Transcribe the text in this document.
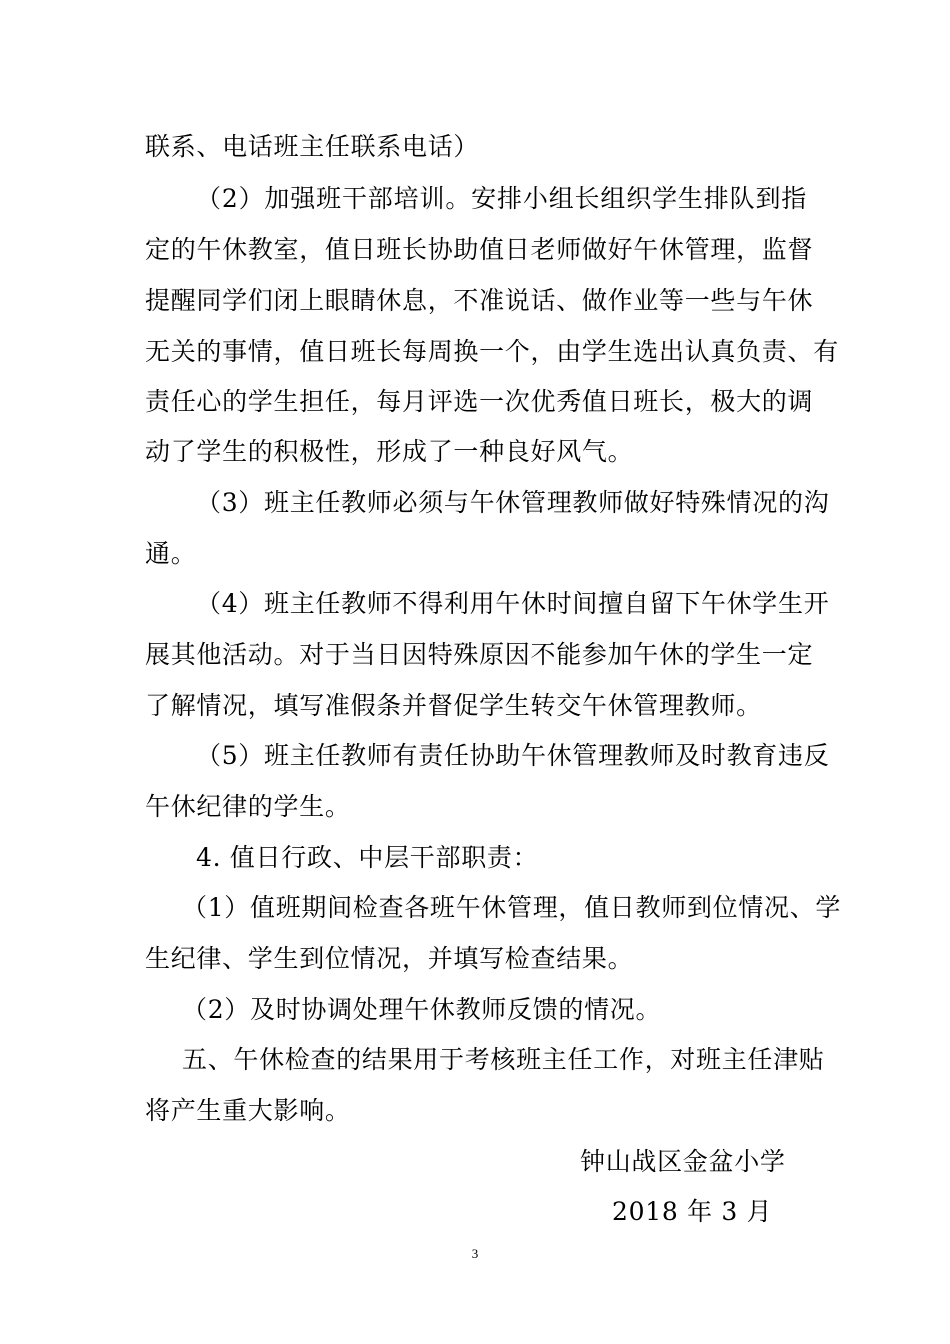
联系、电话班主任联系电话）
（2）加强班干部培训。安排小组长组织学生排队到指
定的午休教室，值日班长协助值日老师做好午休管理，监督
提醒同学们闭上眼睛休息，不准说话、做作业等一些与午休
无关的事情，值日班长每周换一个，由学生选出认真负责、有
责任心的学生担任，每月评选一次优秀值日班长，极大的调
动了学生的积极性，形成了一种良好风气。
（3）班主任教师必须与午休管理教师做好特殊情况的沟
通。
（4）班主任教师不得利用午休时间擅自留下午休学生开
展其他活动。对于当日因特殊原因不能参加午休的学生一定
了解情况，填写准假条并督促学生转交午休管理教师。
（5）班主任教师有责任协助午休管理教师及时教育违反
午休纪律的学生。
4. 值日行政、中层干部职责：
（1）值班期间检查各班午休管理，值日教师到位情况、学
生纪律、学生到位情况，并填写检查结果。
（2）及时协调处理午休教师反馈的情况。
五、午休检查的结果用于考核班主任工作，对班主任津贴
将产生重大影响。
钟山战区金盆小学
2018 年 3 月
3
